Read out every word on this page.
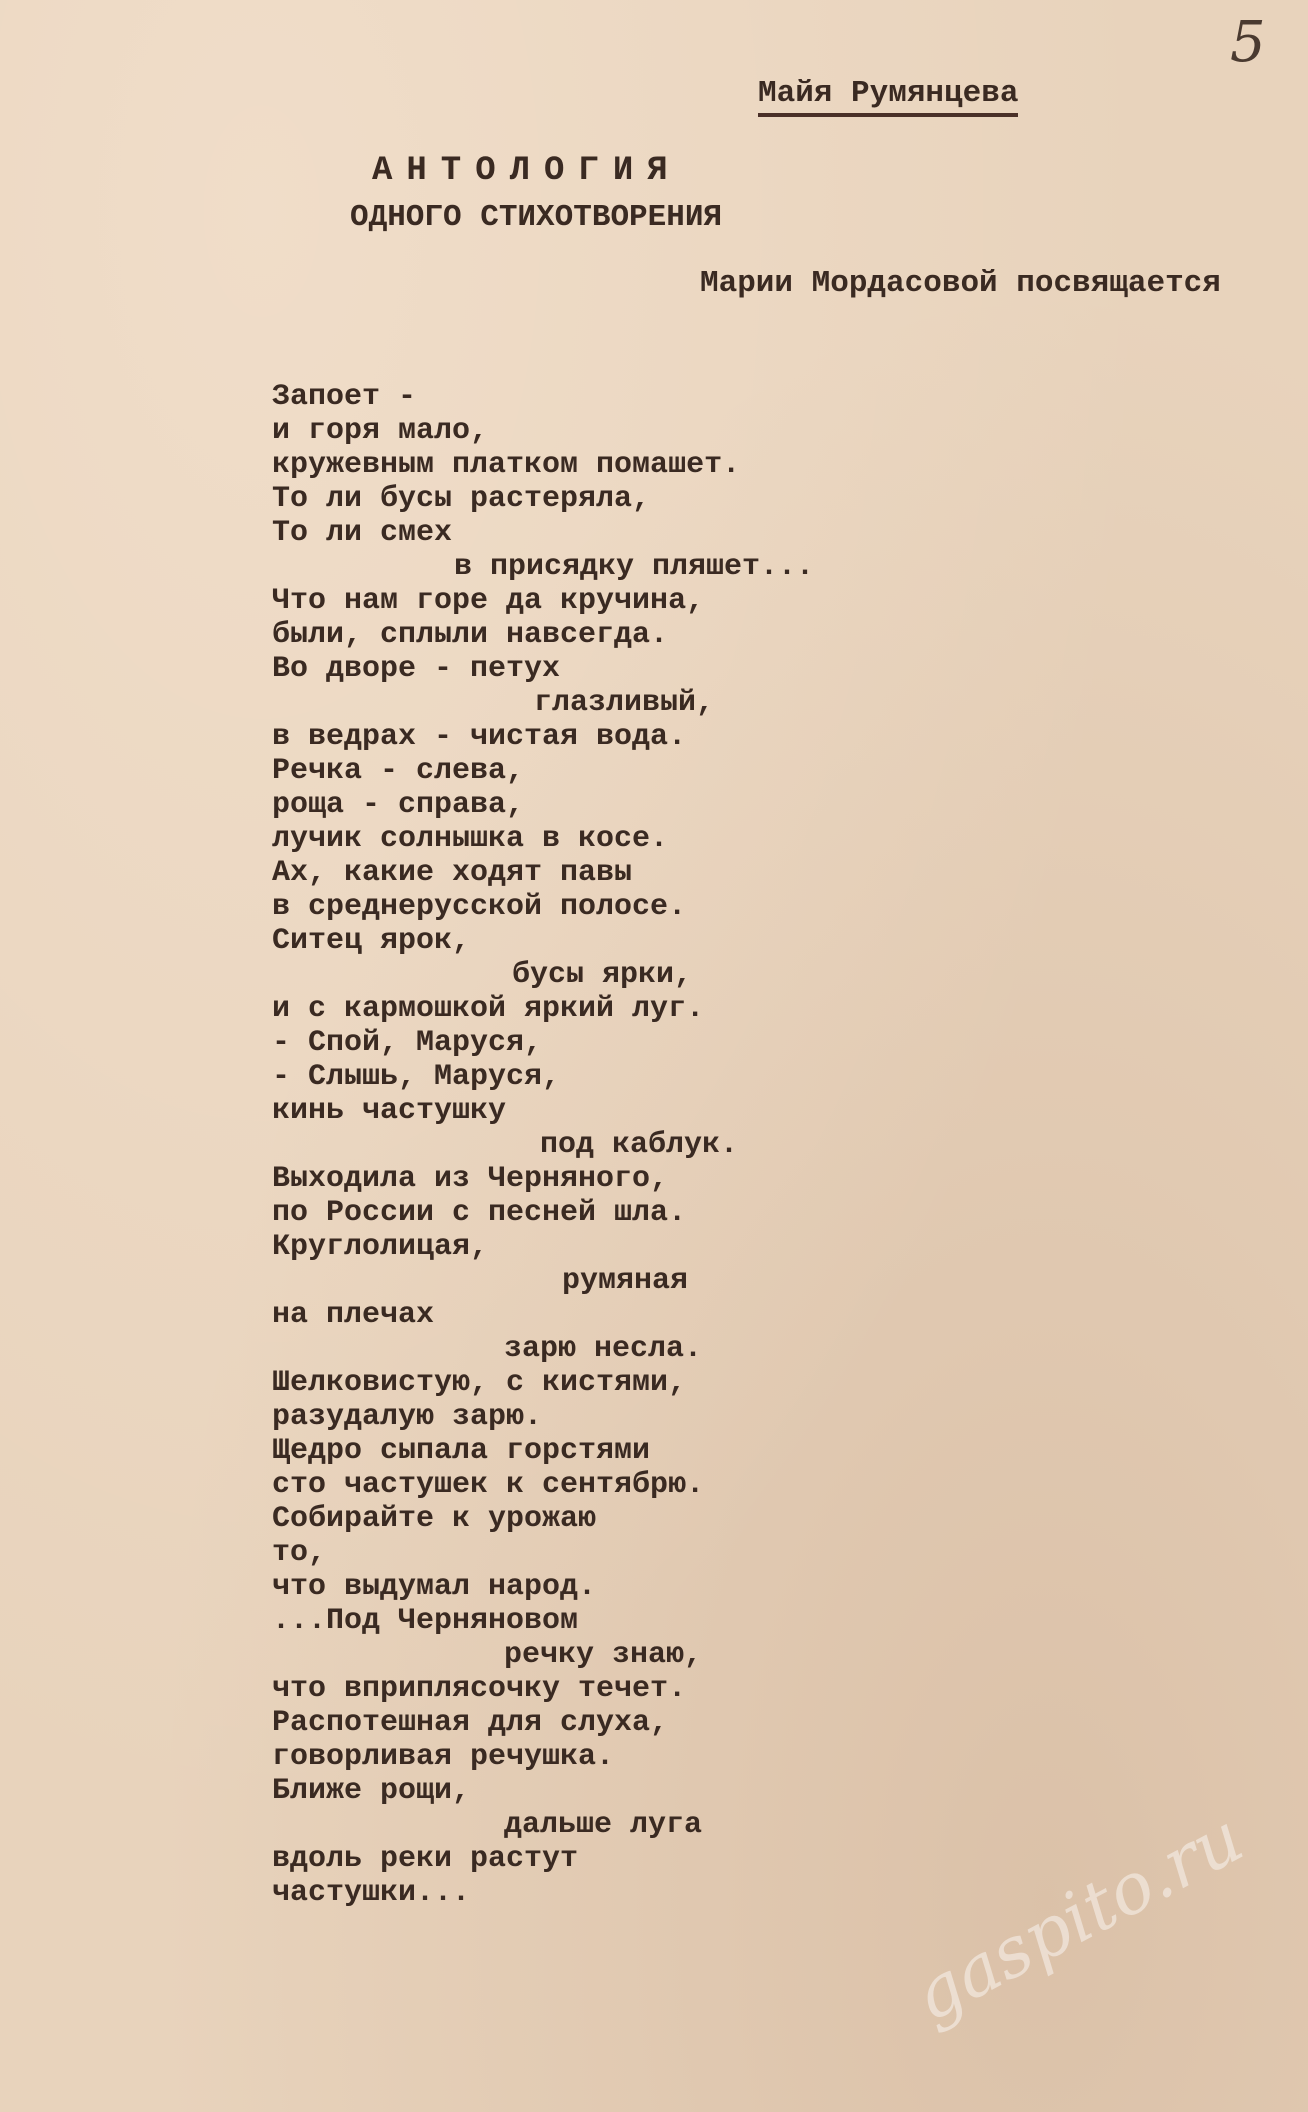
5
Майя Румянцева
АНТОЛОГИЯ
ОДНОГО СТИХОТВОРЕНИЯ
Марии Мордасовой посвящается
Запоет -
и горя мало,
кружевным платком помашет.
То ли бусы растеряла,
То ли смех
в присядку пляшет...
Что нам горе да кручина,
были, сплыли навсегда.
Во дворе - петух
глазливый,
в ведрах - чистая вода.
Речка - слева,
роща - справа,
лучик солнышка в косе.
Ах, какие ходят павы
в среднерусской полосе.
Ситец ярок,
бусы ярки,
и с кармошкой яркий луг.
- Спой, Маруся,
- Слышь, Маруся,
кинь частушку
под каблук.
Выходила из Черняного,
по России с песней шла.
Круглолицая,
румяная
на плечах
зарю несла.
Шелковистую, с кистями,
разудалую зарю.
Щедро сыпала горстями
сто частушек к сентябрю.
Собирайте к урожаю
то,
что выдумал народ.
...Под Черняновом
речку знаю,
что вприплясочку течет.
Распотешная для слуха,
говорливая речушка.
Ближе рощи,
дальше луга
вдоль реки растут
частушки...	gaspito.ru
